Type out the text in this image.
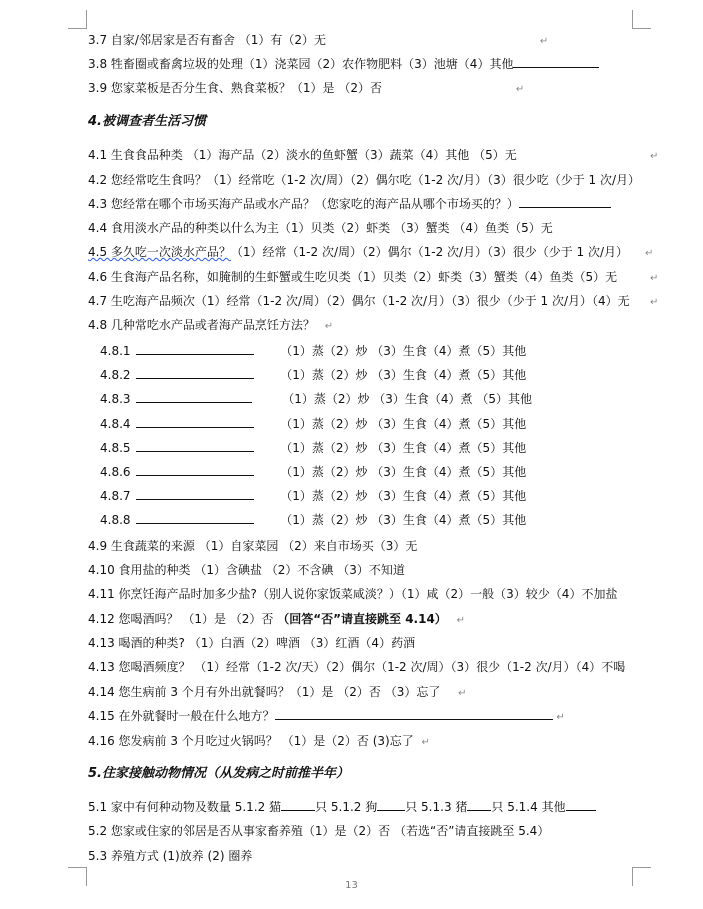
3.7 自家/邻居家是否有畜舍 （1）有（2）无	↵
3.8 牲畜圈或畜禽垃圾的处理（1）浇菜园（2）农作物肥料（3）池塘（4）其他
3.9 您家菜板是否分生食、熟食菜板？（1）是 （2）否	↵
4.被调查者生活习惯
4.1 生食食品种类 （1）海产品（2）淡水的鱼虾蟹（3）蔬菜（4）其他 （5）无	↵
4.2 您经常吃生食吗？（1）经常吃（1-2 次/周）（2）偶尔吃（1-2 次/月）（3）很少吃（少于 1 次/月）
4.3 您经常在哪个市场买海产品或水产品？（您家吃的海产品从哪个市场买的？）
4.4 食用淡水产品的种类以什么为主（1）贝类（2）虾类 （3）蟹类 （4）鱼类（5）无
4.5 多久吃一次淡水产品？（1）经常（1-2 次/周）（2）偶尔（1-2 次/月）（3）很少（少于 1 次/月） ↵
4.6 生食海产品名称，如腌制的生虾蟹或生吃贝类（1）贝类（2）虾类（3）蟹类（4）鱼类（5）无	↵
4.7 生吃海产品频次（1）经常（1-2 次/周）（2）偶尔（1-2 次/月）（3）很少（少于 1 次/月）（4）无 ↵
4.8 几种常吃水产品或者海产品烹饪方法？ ↵
4.8.1	（1）蒸（2）炒 （3）生食（4）煮（5）其他
4.8.2	（1）蒸（2）炒 （3）生食（4）煮（5）其他
4.8.3	（1）蒸（2）炒 （3）生食（4）煮 （5）其他
4.8.4	（1）蒸（2）炒 （3）生食（4）煮（5）其他
4.8.5	（1）蒸（2）炒 （3）生食（4）煮（5）其他
4.8.6	（1）蒸（2）炒 （3）生食（4）煮（5）其他
4.8.7	（1）蒸（2）炒 （3）生食（4）煮（5）其他
4.8.8	（1）蒸（2）炒 （3）生食（4）煮（5）其他
4.9 生食蔬菜的来源 （1）自家菜园 （2）来自市场买（3）无
4.10 食用盐的种类 （1）含碘盐 （2）不含碘 （3）不知道
4.11 你烹饪海产品时加多少盐?（别人说你家饭菜咸淡？）（1）咸（2）一般（3）较少（4）不加盐
4.12 您喝酒吗？ （1）是 （2）否 （回答“否”请直接跳至 4.14） ↵
4.13 喝酒的种类? （1）白酒（2）啤酒 （3）红酒（4）药酒
4.13 您喝酒频度？ （1）经常（1-2 次/天）（2）偶尔（1-2 次/周）（3）很少（1-2 次/月）（4）不喝
4.14 您生病前 3 个月有外出就餐吗？（1）是 （2）否 （3）忘了 ↵
4.15 在外就餐时一般在什么地方？	↵
4.16 您发病前 3 个月吃过火锅吗？ （1）是（2）否 (3)忘了 ↵
5.住家接触动物情况（从发病之时前推半年）
5.1 家中有何种动物及数量 5.1.2 猫	只 5.1.2 狗 只 5.1.3 猪 只 5.1.4 其他
5.2 您家或住家的邻居是否从事家畜养殖（1）是（2）否 （若选“否”请直接跳至 5.4）
5.3 养殖方式 (1)放养 (2) 圈养
13
